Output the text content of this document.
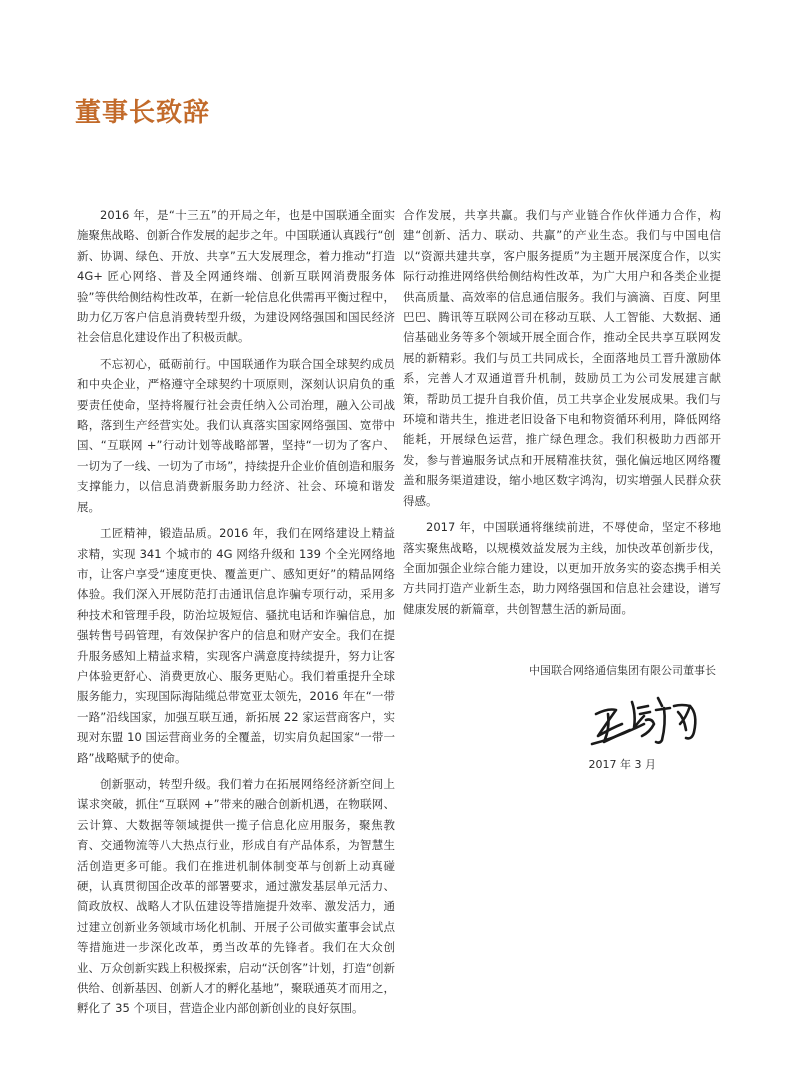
董事长致辞

2016 年，是“十三五”的开局之年，也是中国联通全面实施聚焦战略、创新合作发展的起步之年。中国联通认真践行“创新、协调、绿色、开放、共享”五大发展理念，着力推动“打造 4G+ 匠心网络、普及全网通终端、创新互联网消费服务体验”等供给侧结构性改革，在新一轮信息化供需再平衡过程中，助力亿万客户信息消费转型升级，为建设网络强国和国民经济社会信息化建设作出了积极贡献。

不忘初心，砥砺前行。中国联通作为联合国全球契约成员和中央企业，严格遵守全球契约十项原则，深刻认识肩负的重要责任使命，坚持将履行社会责任纳入公司治理，融入公司战略，落到生产经营实处。我们认真落实国家网络强国、宽带中国、“互联网 +”行动计划等战略部署，坚持“一切为了客户、一切为了一线、一切为了市场”，持续提升企业价值创造和服务支撑能力，以信息消费新服务助力经济、社会、环境和谐发展。

工匠精神，锻造品质。2016 年，我们在网络建设上精益求精，实现 341 个城市的 4G 网络升级和 139 个全光网络地市，让客户享受“速度更快、覆盖更广、感知更好”的精品网络体验。我们深入开展防范打击通讯信息诈骗专项行动，采用多种技术和管理手段，防治垃圾短信、骚扰电话和诈骗信息，加强转售号码管理，有效保护客户的信息和财产安全。我们在提升服务感知上精益求精，实现客户满意度持续提升，努力让客户体验更舒心、消费更放心、服务更贴心。我们着重提升全球服务能力，实现国际海陆缆总带宽亚太领先，2016 年在“一带一路”沿线国家，加强互联互通，新拓展 22 家运营商客户，实现对东盟 10 国运营商业务的全覆盖，切实肩负起国家“一带一路”战略赋予的使命。

创新驱动，转型升级。我们着力在拓展网络经济新空间上谋求突破，抓住“互联网 +”带来的融合创新机遇，在物联网、云计算、大数据等领域提供一揽子信息化应用服务，聚焦教育、交通物流等八大热点行业，形成自有产品体系，为智慧生活创造更多可能。我们在推进机制体制变革与创新上动真碰硬，认真贯彻国企改革的部署要求，通过激发基层单元活力、简政放权、战略人才队伍建设等措施提升效率、激发活力，通过建立创新业务领域市场化机制、开展子公司做实董事会试点等措施进一步深化改革，勇当改革的先锋者。我们在大众创业、万众创新实践上积极探索，启动“沃创客”计划，打造“创新供给、创新基因、创新人才的孵化基地”，聚联通英才而用之，孵化了 35 个项目，营造企业内部创新创业的良好氛围。

合作发展，共享共赢。我们与产业链合作伙伴通力合作，构建“创新、活力、联动、共赢”的产业生态。我们与中国电信以“资源共建共享，客户服务提质”为主题开展深度合作，以实际行动推进网络供给侧结构性改革，为广大用户和各类企业提供高质量、高效率的信息通信服务。我们与滴滴、百度、阿里巴巴、腾讯等互联网公司在移动互联、人工智能、大数据、通信基础业务等多个领域开展全面合作，推动全民共享互联网发展的新精彩。我们与员工共同成长，全面落地员工晋升激励体系，完善人才双通道晋升机制，鼓励员工为公司发展建言献策，帮助员工提升自我价值，员工共享企业发展成果。我们与环境和谐共生，推进老旧设备下电和物资循环利用，降低网络能耗，开展绿色运营，推广绿色理念。我们积极助力西部开发，参与普遍服务试点和开展精准扶贫，强化偏远地区网络覆盖和服务渠道建设，缩小地区数字鸿沟，切实増强人民群众获得感。

2017 年，中国联通将继续前进，不辱使命，坚定不移地落实聚焦战略，以规模效益发展为主线，加快改革创新步伐，全面加强企业综合能力建设，以更加开放务实的姿态携手相关方共同打造产业新生态，助力网络强国和信息社会建设，谱写健康发展的新篇章，共创智慧生活的新局面。

中国联合网络通信集团有限公司董事长

2017 年 3 月
